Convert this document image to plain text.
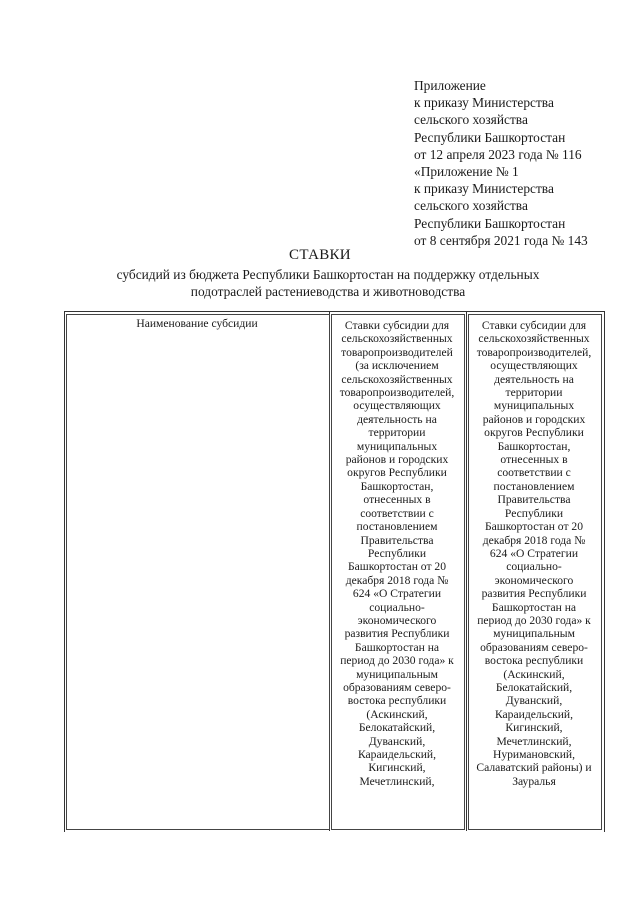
Приложение
к приказу Министерства
сельского хозяйства
Республики Башкортостан
от 12 апреля 2023 года № 116
«Приложение № 1
к приказу Министерства
сельского хозяйства
Республики Башкортостан
от 8 сентября 2021 года № 143
СТАВКИ
субсидий из бюджета Республики Башкортостан на поддержку отдельных
подотраслей растениеводства и животноводства
Наименование субсидии	Ставки субсидии для
сельскохозяйственных
товаропроизводителей
(за исключением
сельскохозяйственных
товаропроизводителей,
осуществляющих
деятельность на
территории
муниципальных
районов и городских
округов Республики
Башкортостан,
отнесенных в
соответствии с
постановлением
Правительства
Республики
Башкортостан от 20
декабря 2018 года №
624 «О Стратегии
социально-
экономического
развития Республики
Башкортостан на
период до 2030 года» к
муниципальным
образованиям северо-
востока республики
(Аскинский,
Белокатайский,
Дуванский,
Караидельский,
Кигинский,
Мечетлинский,
Ставки субсидии для
сельскохозяйственных
товаропроизводителей,
осуществляющих
деятельность на
территории
муниципальных
районов и городских
округов Республики
Башкортостан,
отнесенных в
соответствии с
постановлением
Правительства
Республики
Башкортостан от 20
декабря 2018 года №
624 «О Стратегии
социально-
экономического
развития Республики
Башкортостан на
период до 2030 года» к
муниципальным
образованиям северо-
востока республики
(Аскинский,
Белокатайский,
Дуванский,
Караидельский,
Кигинский,
Мечетлинский,
Нуримановский,
Салаватский районы) и
Зауралья
